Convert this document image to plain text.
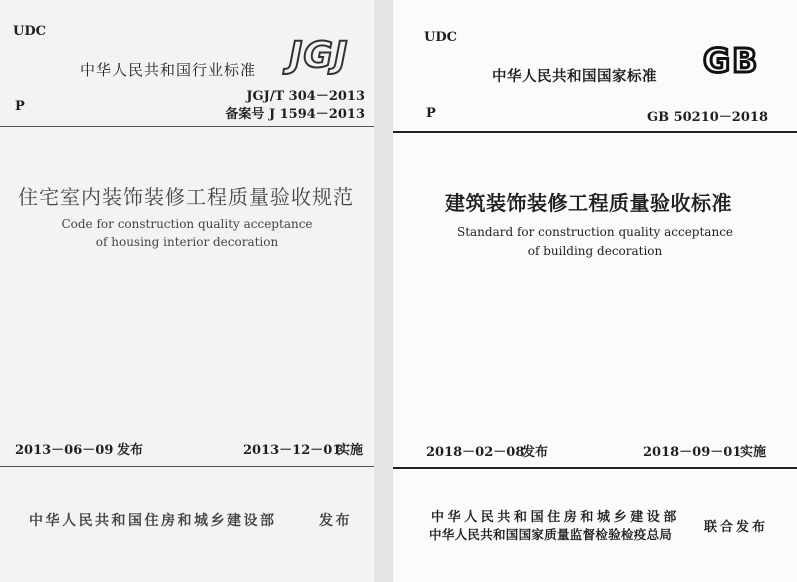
UDC
中华人民共和国行业标准 JGJ
P
JGJ/T 304－2013
备案号 J 1594－2013
住宅室内装饰装修工程质量验收规范
Code for construction quality acceptance
of housing interior decoration
2013－06－09 发布	2013－12－01
实施
中华人民共和国住房和城乡建设部	发布
UDC
中华人民共和国国家标准 GB
P	GB 50210－2018
建筑装饰装修工程质量验收标准
Standard for construction quality acceptance
of building decoration
2018－02－08
发布	2018－09－01
实施
中华人民共和国住房和城乡建设部
中华人民共和国国家质量监督检验检疫总局 联合发布
